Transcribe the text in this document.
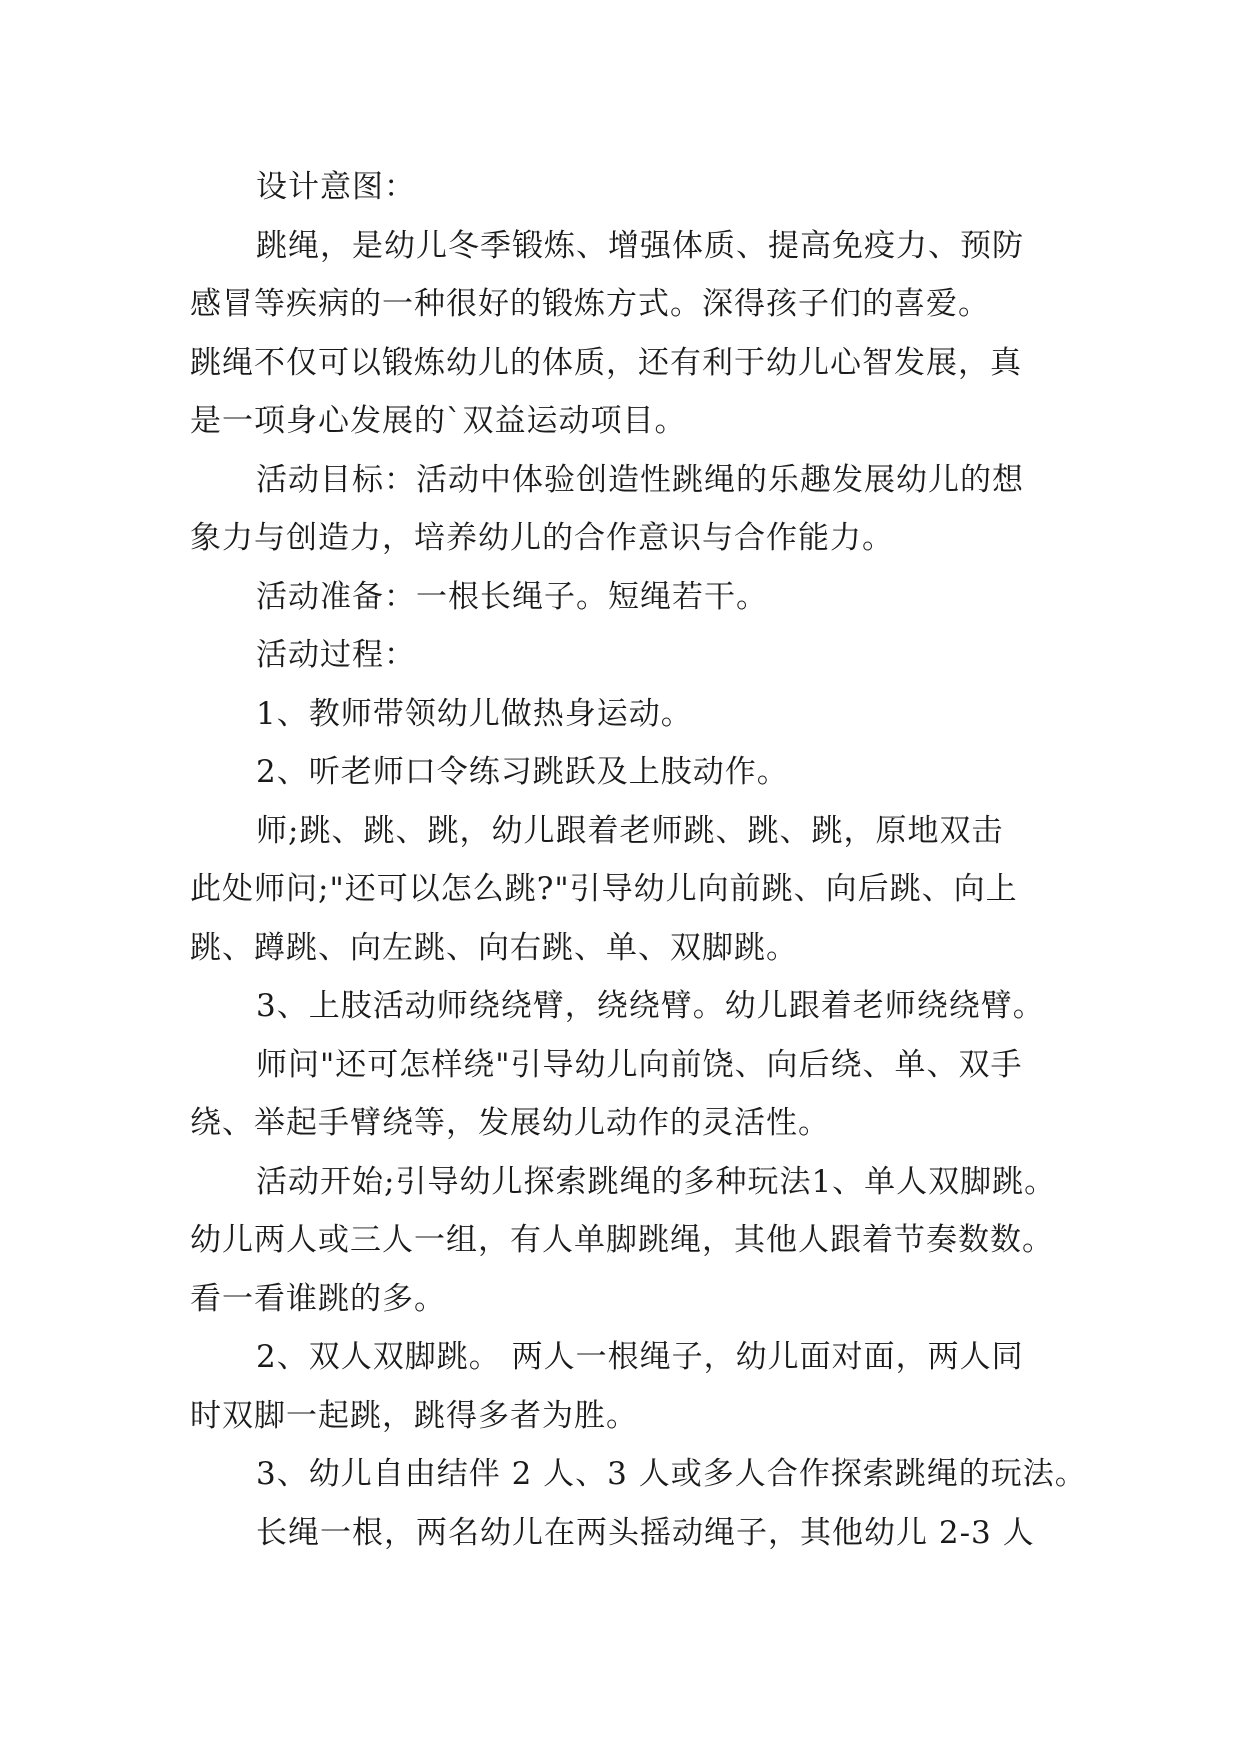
设计意图：
跳绳，是幼儿冬季锻炼、增强体质、提高免疫力、预防
感冒等疾病的一种很好的锻炼方式。深得孩子们的喜爱。
跳绳不仅可以锻炼幼儿的体质，还有利于幼儿心智发展，真
是一项身心发展的`双益运动项目。
活动目标：活动中体验创造性跳绳的乐趣发展幼儿的想
象力与创造力，培养幼儿的合作意识与合作能力。
活动准备：一根长绳子。短绳若干。
活动过程：
1、教师带领幼儿做热身运动。
2、听老师口令练习跳跃及上肢动作。
师;跳、跳、跳，幼儿跟着老师跳、跳、跳，原地双击
此处师问;"还可以怎么跳?"引导幼儿向前跳、向后跳、向上
跳、蹲跳、向左跳、向右跳、单、双脚跳。
3、上肢活动师绕绕臂，绕绕臂。幼儿跟着老师绕绕臂。
师问"还可怎样绕"引导幼儿向前饶、向后绕、单、双手
绕、举起手臂绕等，发展幼儿动作的灵活性。
活动开始;引导幼儿探索跳绳的多种玩法1、单人双脚跳。
幼儿两人或三人一组，有人单脚跳绳，其他人跟着节奏数数。
看一看谁跳的多。
2、双人双脚跳。 两人一根绳子，幼儿面对面，两人同
时双脚一起跳，跳得多者为胜。
3、幼儿自由结伴 2 人、3 人或多人合作探索跳绳的玩法。
长绳一根，两名幼儿在两头摇动绳子，其他幼儿 2-3 人
